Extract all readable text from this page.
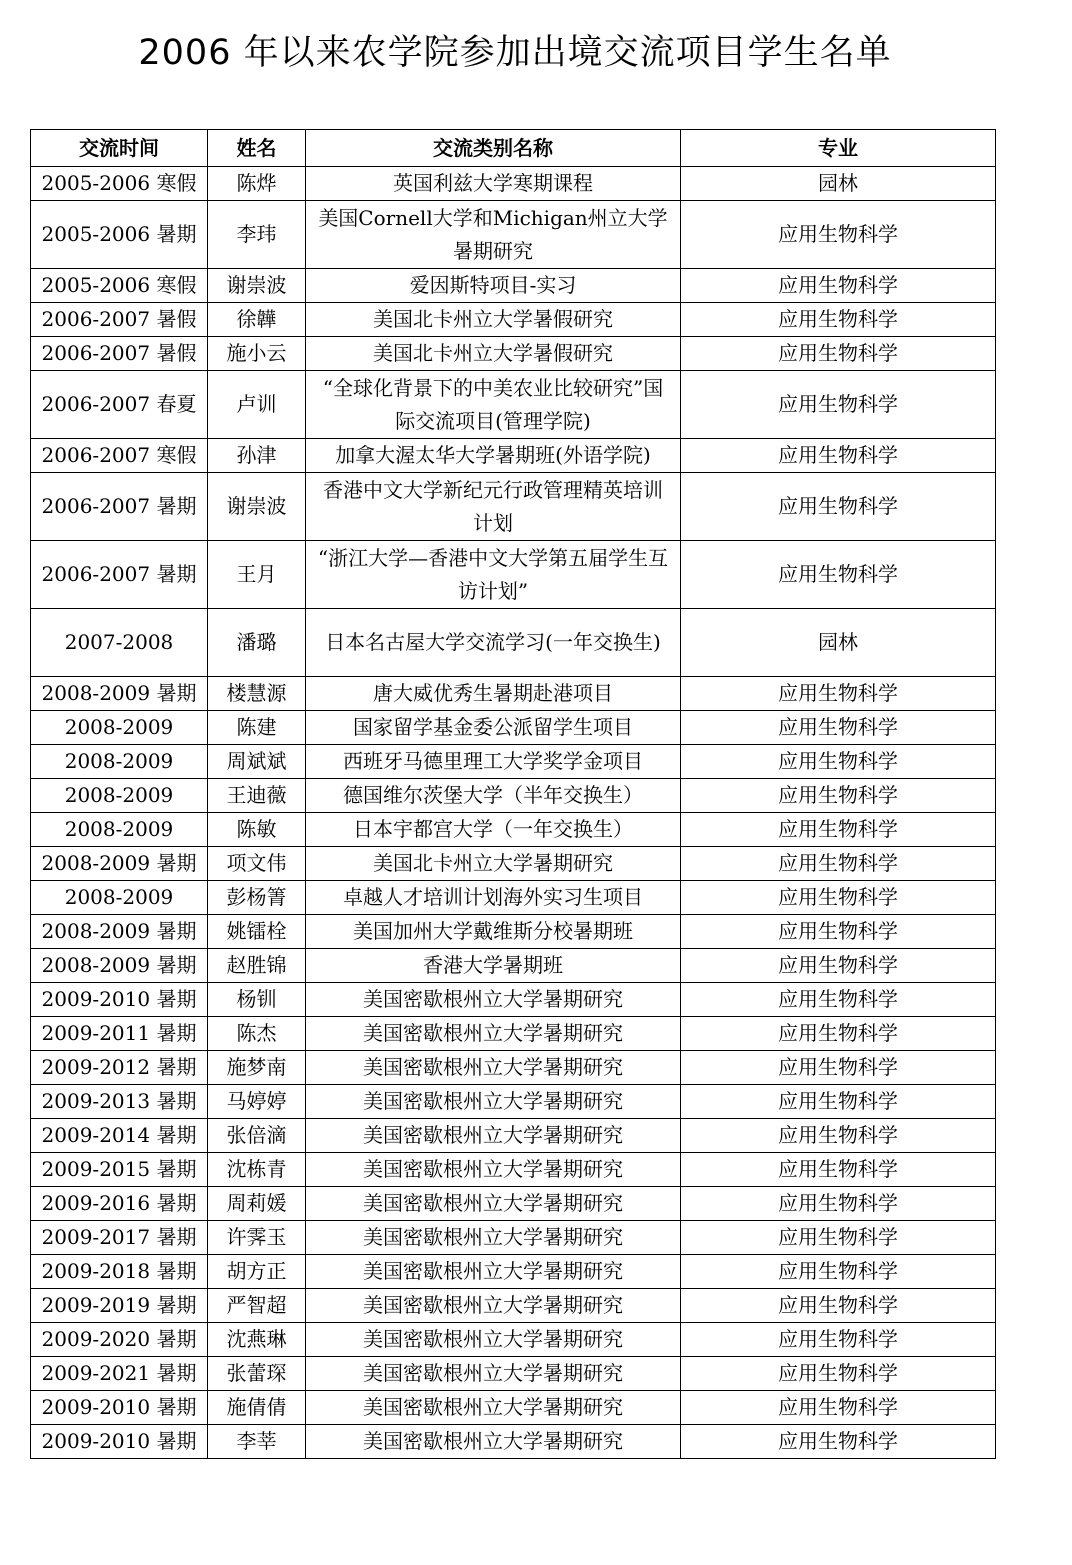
2006 年以来农学院参加出境交流项目学生名单
交流时间	姓名	交流类别名称	专业
2005-2006 寒假	陈烨	英国利兹大学寒期课程	园林
2005-2006 暑期	李玮	美国Cornell大学和Michigan州立大学暑期研究	应用生物科学
2005-2006 寒假	谢崇波	爱因斯特项目-实习	应用生物科学
2006-2007 暑假	徐韡	美国北卡州立大学暑假研究	应用生物科学
2006-2007 暑假	施小云	美国北卡州立大学暑假研究	应用生物科学
2006-2007 春夏	卢训	“全球化背景下的中美农业比较研究”国际交流项目(管理学院)	应用生物科学
2006-2007 寒假	孙津	加拿大渥太华大学暑期班(外语学院)	应用生物科学
2006-2007 暑期	谢崇波	香港中文大学新纪元行政管理精英培训计划	应用生物科学
2006-2007 暑期	王月	“浙江大学—香港中文大学第五届学生互访计划”	应用生物科学
2007-2008	潘璐	日本名古屋大学交流学习(一年交换生)	园林
2008-2009 暑期	楼慧源	唐大威优秀生暑期赴港项目	应用生物科学
2008-2009	陈建	国家留学基金委公派留学生项目	应用生物科学
2008-2009	周斌斌	西班牙马德里理工大学奖学金项目	应用生物科学
2008-2009	王迪薇	德国维尔茨堡大学（半年交换生）	应用生物科学
2008-2009	陈敏	日本宇都宫大学（一年交换生）	应用生物科学
2008-2009 暑期	项文伟	美国北卡州立大学暑期研究	应用生物科学
2008-2009	彭杨箐	卓越人才培训计划海外实习生项目	应用生物科学
2008-2009 暑期	姚镭栓	美国加州大学戴维斯分校暑期班	应用生物科学
2008-2009 暑期	赵胜锦	香港大学暑期班	应用生物科学
2009-2010 暑期	杨钏	美国密歇根州立大学暑期研究	应用生物科学
2009-2011 暑期	陈杰	美国密歇根州立大学暑期研究	应用生物科学
2009-2012 暑期	施梦南	美国密歇根州立大学暑期研究	应用生物科学
2009-2013 暑期	马婷婷	美国密歇根州立大学暑期研究	应用生物科学
2009-2014 暑期	张倍滴	美国密歇根州立大学暑期研究	应用生物科学
2009-2015 暑期	沈栋青	美国密歇根州立大学暑期研究	应用生物科学
2009-2016 暑期	周莉媛	美国密歇根州立大学暑期研究	应用生物科学
2009-2017 暑期	许霁玉	美国密歇根州立大学暑期研究	应用生物科学
2009-2018 暑期	胡方正	美国密歇根州立大学暑期研究	应用生物科学
2009-2019 暑期	严智超	美国密歇根州立大学暑期研究	应用生物科学
2009-2020 暑期	沈燕琳	美国密歇根州立大学暑期研究	应用生物科学
2009-2021 暑期	张蕾琛	美国密歇根州立大学暑期研究	应用生物科学
2009-2010 暑期	施倩倩	美国密歇根州立大学暑期研究	应用生物科学
2009-2010 暑期	李莘	美国密歇根州立大学暑期研究	应用生物科学
